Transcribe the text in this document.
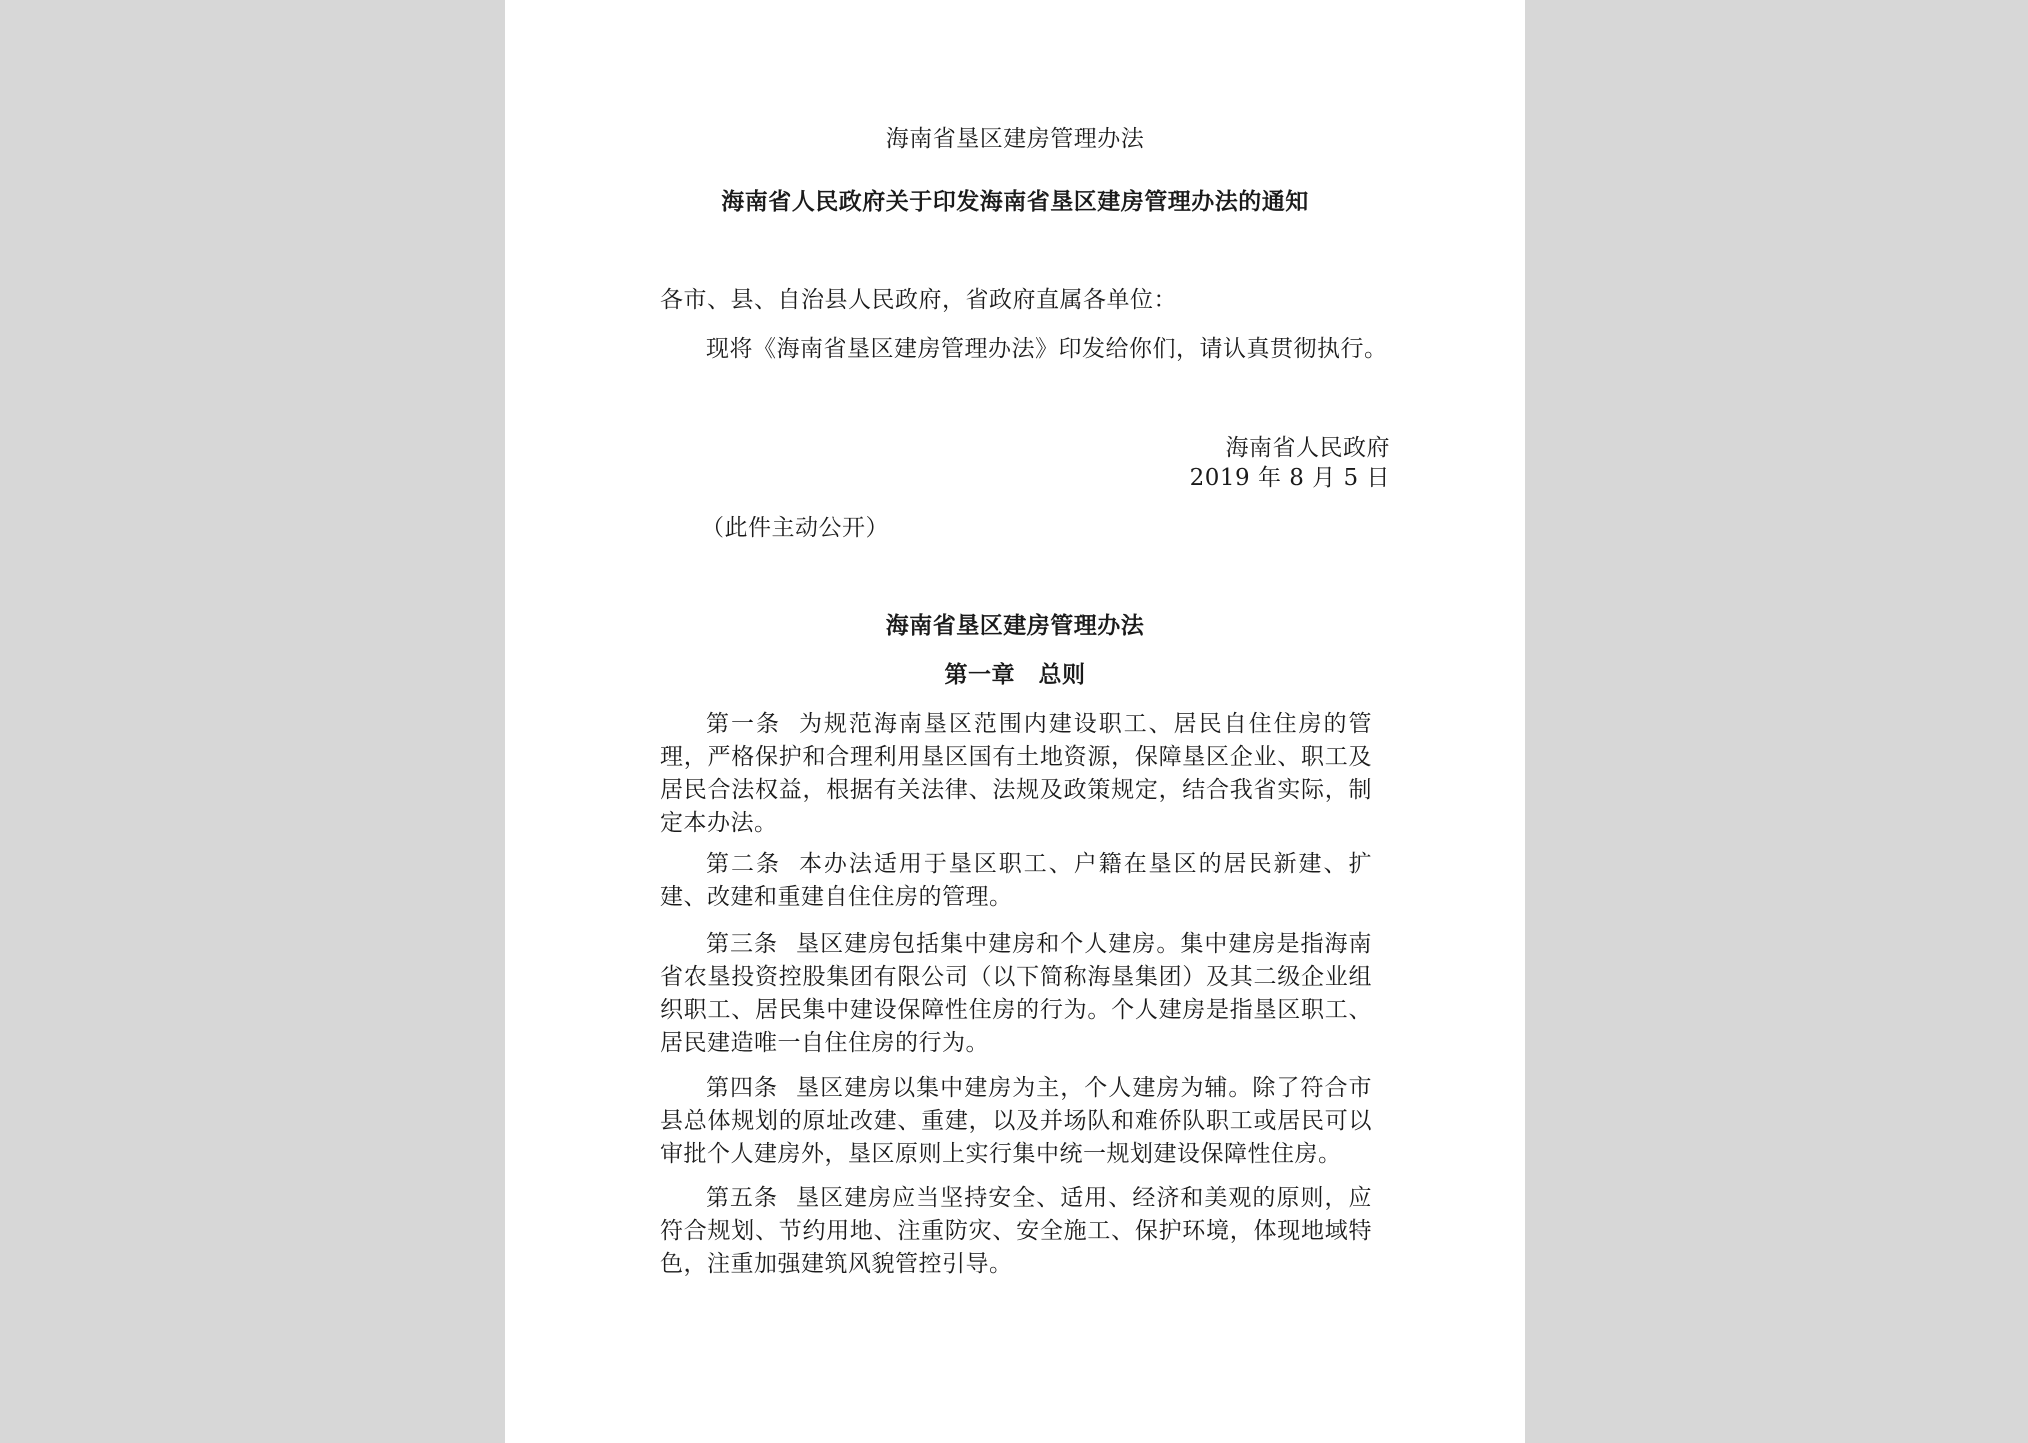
海南省垦区建房管理办法
海南省人民政府关于印发海南省垦区建房管理办法的通知
各市、县、自治县人民政府，省政府直属各单位：
现将《海南省垦区建房管理办法》印发给你们，请认真贯彻执行。
海南省人民政府
2019 年 8 月 5 日
（此件主动公开）
海南省垦区建房管理办法
第一章　总则
第一条 为规范海南垦区范围内建设职工、居民自住住房的管理，严格保护和合理利用垦区国有土地资源，保障垦区企业、职工及居民合法权益，根据有关法律、法规及政策规定，结合我省实际，制定本办法。
第二条 本办法适用于垦区职工、户籍在垦区的居民新建、扩建、改建和重建自住住房的管理。
第三条 垦区建房包括集中建房和个人建房。集中建房是指海南省农垦投资控股集团有限公司（以下简称海垦集团）及其二级企业组织职工、居民集中建设保障性住房的行为。个人建房是指垦区职工、居民建造唯一自住住房的行为。
第四条 垦区建房以集中建房为主，个人建房为辅。除了符合市县总体规划的原址改建、重建，以及并场队和难侨队职工或居民可以审批个人建房外，垦区原则上实行集中统一规划建设保障性住房。
第五条 垦区建房应当坚持安全、适用、经济和美观的原则，应符合规划、节约用地、注重防灾、安全施工、保护环境，体现地域特色，注重加强建筑风貌管控引导。
